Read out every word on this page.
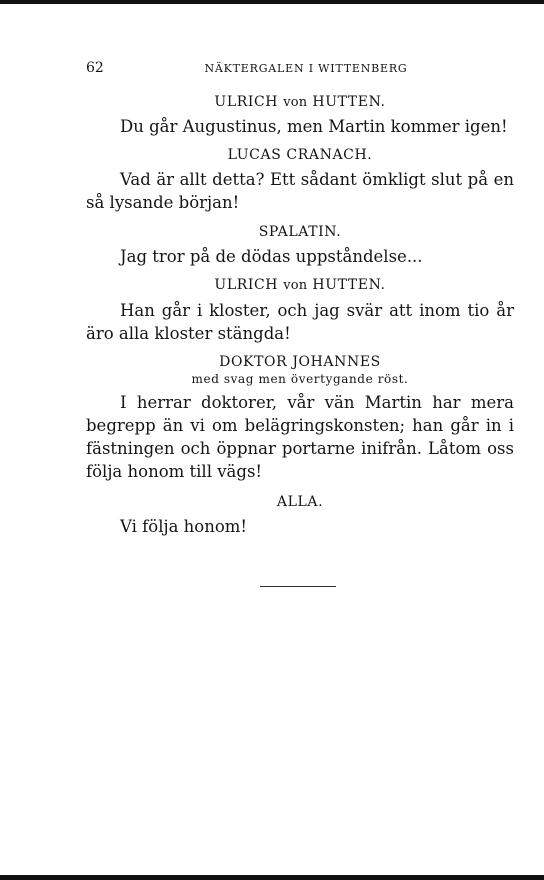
62	NÄKTERGALEN I WITTENBERG

ULRICH von HUTTEN.

Du går Augustinus, men Martin kommer igen!

LUCAS CRANACH.

Vad är allt detta? Ett sådant ömkligt slut på en så lysande början!

SPALATIN.

Jag tror på de dödas uppståndelse...

ULRICH von HUTTEN.

Han går i kloster, och jag svär att inom tio år äro alla kloster stängda!

DOKTOR JOHANNES

med svag men övertygande röst.

I herrar doktorer, vår vän Martin har mera begrepp än vi om belägringskonsten; han går in i fästningen och öppnar portarne inifrån. Låtom oss följa honom till vägs!

ALLA.

Vi följa honom!
